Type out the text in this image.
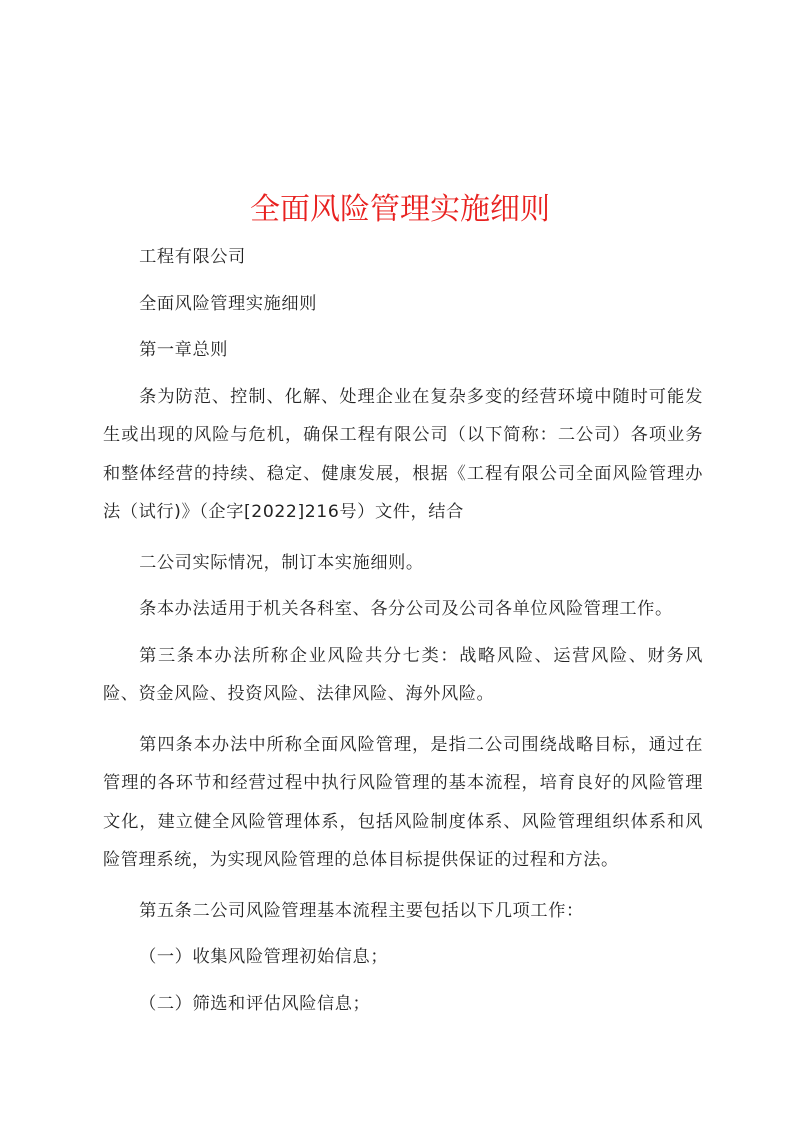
全面风险管理实施细则

工程有限公司

全面风险管理实施细则

第一章总则

条为防范、控制、化解、处理企业在复杂多变的经营环境中随时可能发生或出现的风险与危机，确保工程有限公司（以下简称：二公司）各项业务和整体经营的持续、稳定、健康发展，根据《工程有限公司全面风险管理办法（试行)》（企字[2022]216号）文件，结合

二公司实际情况，制订本实施细则。

条本办法适用于机关各科室、各分公司及公司各单位风险管理工作。

第三条本办法所称企业风险共分七类：战略风险、运营风险、财务风险、资金风险、投资风险、法律风险、海外风险。

第四条本办法中所称全面风险管理，是指二公司围绕战略目标，通过在管理的各环节和经营过程中执行风险管理的基本流程，培育良好的风险管理文化，建立健全风险管理体系，包括风险制度体系、风险管理组织体系和风险管理系统，为实现风险管理的总体目标提供保证的过程和方法。

第五条二公司风险管理基本流程主要包括以下几项工作：

（一）收集风险管理初始信息；

（二）筛选和评估风险信息；
